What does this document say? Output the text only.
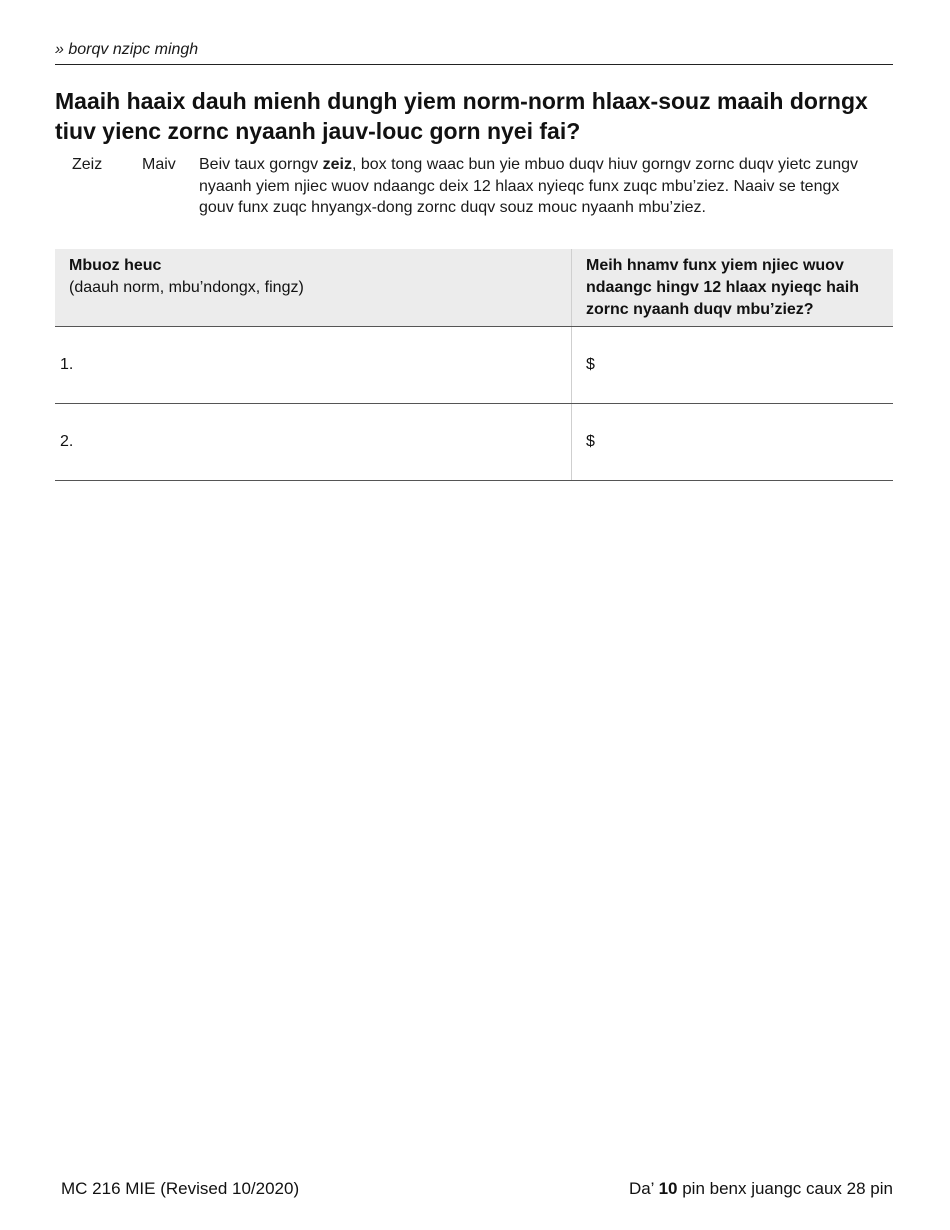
» borqv nzipc mingh
Maaih haaix dauh mienh dungh yiem norm-norm hlaax-souz maaih dorngx tiuv yienc zornc nyaanh jauv-louc gorn nyei fai?
Zeiz Maiv Beiv taux gorngv zeiz, box tong waac bun yie mbuo duqv hiuv gorngv zornc duqv yietc zungv nyaanh yiem njiec wuov ndaangc deix 12 hlaax nyieqc funx zuqc mbu’ziez. Naaiv se tengx gouv funx zuqc hnyangx-dong zornc duqv souz mouc nyaanh mbu’ziez.
Mbuoz heuc
(daauh norm, mbu’ndongx, fingz)
Meih hnamv funx yiem njiec wuov ndaangc hingv 12 hlaax nyieqc haih zornc nyaanh duqv mbu’ziez?
1.	$
2.	$
MC 216 MIE (Revised 10/2020)	Da’ 10 pin benx juangc caux 28 pin
